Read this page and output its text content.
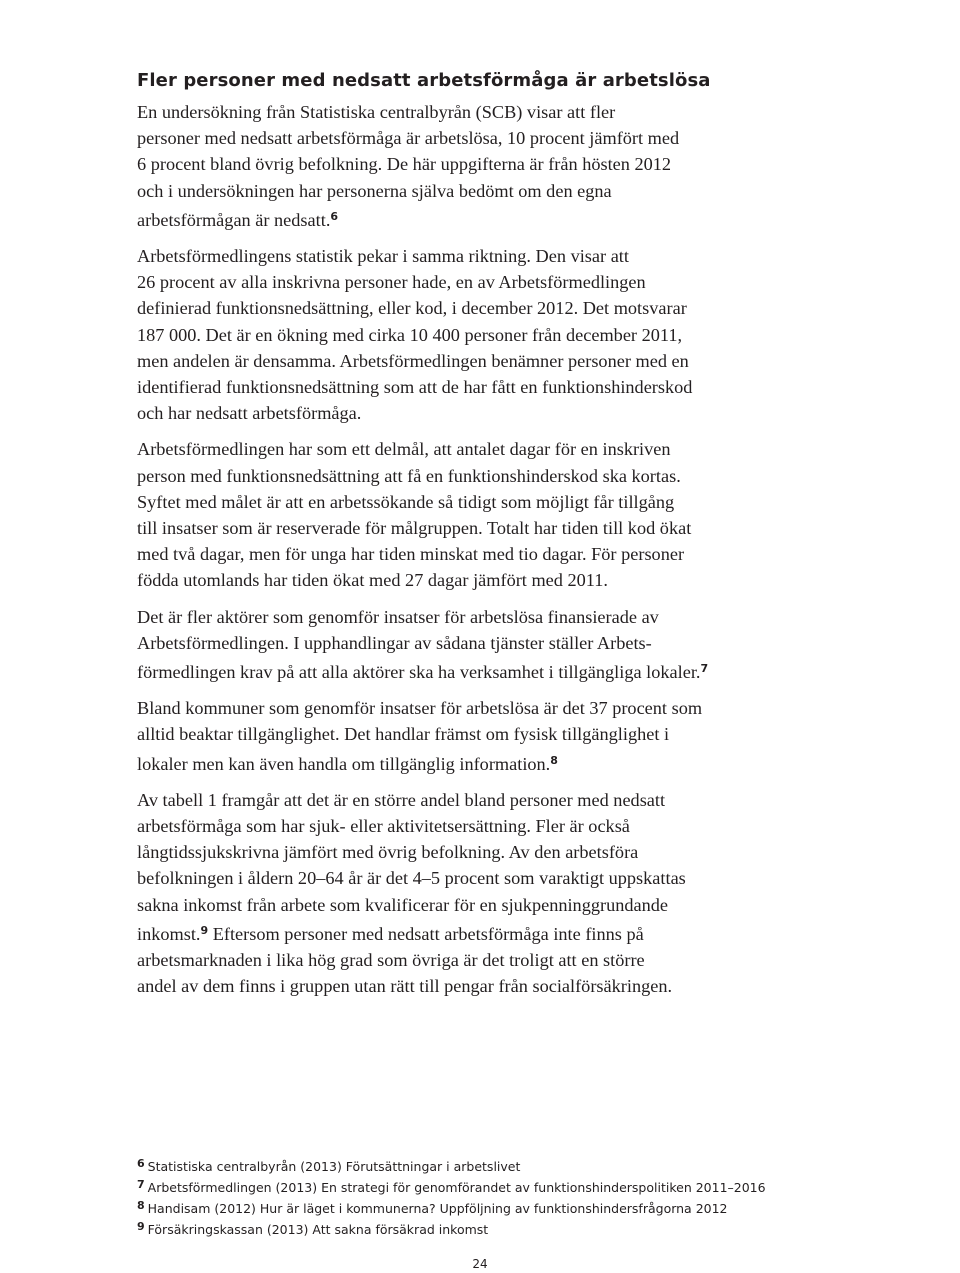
Fler personer med nedsatt arbetsförmåga är arbetslösa

En undersökning från Statistiska centralbyrån (SCB) visar att fler
personer med nedsatt arbetsförmåga är arbetslösa, 10 procent jämfört med
6 procent bland övrig befolkning. De här uppgifterna är från hösten 2012
och i undersökningen har personerna själva bedömt om den egna
arbetsförmågan är nedsatt.$^6$

Arbetsförmedlingens statistik pekar i samma riktning. Den visar att
26 procent av alla inskrivna personer hade, en av Arbetsförmedlingen
definierad funktionsnedsättning, eller kod, i december 2012. Det motsvarar
187 000. Det är en ökning med cirka 10 400 personer från december 2011,
men andelen är densamma. Arbetsförmedlingen benämner personer med en
identifierad funktionsnedsättning som att de har fått en funktionshinderskod
och har nedsatt arbetsförmåga.

Arbetsförmedlingen har som ett delmål, att antalet dagar för en inskriven
person med funktionsnedsättning att få en funktionshinderskod ska kortas.
Syftet med målet är att en arbetssökande så tidigt som möjligt får tillgång
till insatser som är reserverade för målgruppen. Totalt har tiden till kod ökat
med två dagar, men för unga har tiden minskat med tio dagar. För personer
födda utomlands har tiden ökat med 27 dagar jämfört med 2011.

Det är fler aktörer som genomför insatser för arbetslösa finansierade av
Arbetsförmedlingen. I upphandlingar av sådana tjänster ställer Arbets-
förmedlingen krav på att alla aktörer ska ha verksamhet i tillgängliga lokaler.$^7$

Bland kommuner som genomför insatser för arbetslösa är det 37 procent som
alltid beaktar tillgänglighet. Det handlar främst om fysisk tillgänglighet i
lokaler men kan även handla om tillgänglig information.$^8$

Av tabell 1 framgår att det är en större andel bland personer med nedsatt
arbetsförmåga som har sjuk- eller aktivitetsersättning. Fler är också
långtidssjukskrivna jämfört med övrig befolkning. Av den arbetsföra
befolkningen i åldern 20–64 år är det 4–5 procent som varaktigt uppskattas
sakna inkomst från arbete som kvalificerar för en sjukpenninggrundande
inkomst.$^9$ Eftersom personer med nedsatt arbetsförmåga inte finns på
arbetsmarknaden i lika hög grad som övriga är det troligt att en större
andel av dem finns i gruppen utan rätt till pengar från socialförsäkringen.

6 Statistiska centralbyrån (2013) Förutsättningar i arbetslivet
7 Arbetsförmedlingen (2013) En strategi för genomförandet av funktionshinderspolitiken 2011–2016
8 Handisam (2012) Hur är läget i kommunerna? Uppföljning av funktionshindersfrågorna 2012
9 Försäkringskassan (2013) Att sakna försäkrad inkomst
24
